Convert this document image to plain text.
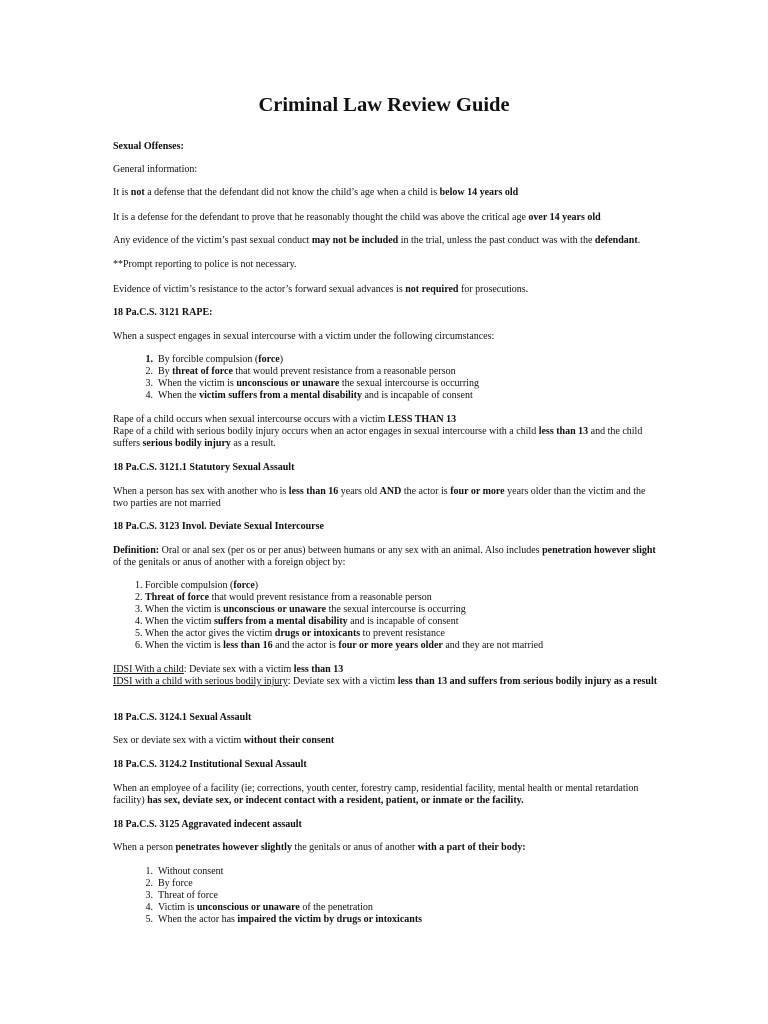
Criminal Law Review Guide
Sexual Offenses:
General information:
It is not a defense that the defendant did not know the child’s age when a child is below 14 years old
It is a defense for the defendant to prove that he reasonably thought the child was above the critical age over 14 years old
Any evidence of the victim’s past sexual conduct may not be included in the trial, unless the past conduct was with the defendant.
**Prompt reporting to police is not necessary.
Evidence of victim’s resistance to the actor’s forward sexual advances is not required for prosecutions.
18 Pa.C.S. 3121 RAPE:
When a suspect engages in sexual intercourse with a victim under the following circumstances:
1. By forcible compulsion (force)
2. By threat of force that would prevent resistance from a reasonable person
3. When the victim is unconscious or unaware the sexual intercourse is occurring
4. When the victim suffers from a mental disability and is incapable of consent
Rape of a child occurs when sexual intercourse occurs with a victim LESS THAN 13
Rape of a child with serious bodily injury occurs when an actor engages in sexual intercourse with a child less than 13 and the child suffers serious bodily injury as a result.
18 Pa.C.S. 3121.1 Statutory Sexual Assault
When a person has sex with another who is less than 16 years old AND the actor is four or more years older than the victim and the two parties are not married
18 Pa.C.S. 3123 Invol. Deviate Sexual Intercourse
Definition: Oral or anal sex (per os or per anus) between humans or any sex with an animal. Also includes penetration however slight of the genitals or anus of another with a foreign object by:
1. Forcible compulsion (force)
2. Threat of force that would prevent resistance from a reasonable person
3. When the victim is unconscious or unaware the sexual intercourse is occurring
4. When the victim suffers from a mental disability and is incapable of consent
5. When the actor gives the victim drugs or intoxicants to prevent resistance
6. When the victim is less than 16 and the actor is four or more years older and they are not married
IDSI With a child: Deviate sex with a victim less than 13
IDSI with a child with serious bodily injury: Deviate sex with a victim less than 13 and suffers from serious bodily injury as a result
18 Pa.C.S. 3124.1 Sexual Assault
Sex or deviate sex with a victim without their consent
18 Pa.C.S. 3124.2 Institutional Sexual Assault
When an employee of a facility (ie; corrections, youth center, forestry camp, residential facility, mental health or mental retardation facility) has sex, deviate sex, or indecent contact with a resident, patient, or inmate or the facility.
18 Pa.C.S. 3125 Aggravated indecent assault
When a person penetrates however slightly the genitals or anus of another with a part of their body:
1. Without consent
2. By force
3. Threat of force
4. Victim is unconscious or unaware of the penetration
5. When the actor has impaired the victim by drugs or intoxicants
